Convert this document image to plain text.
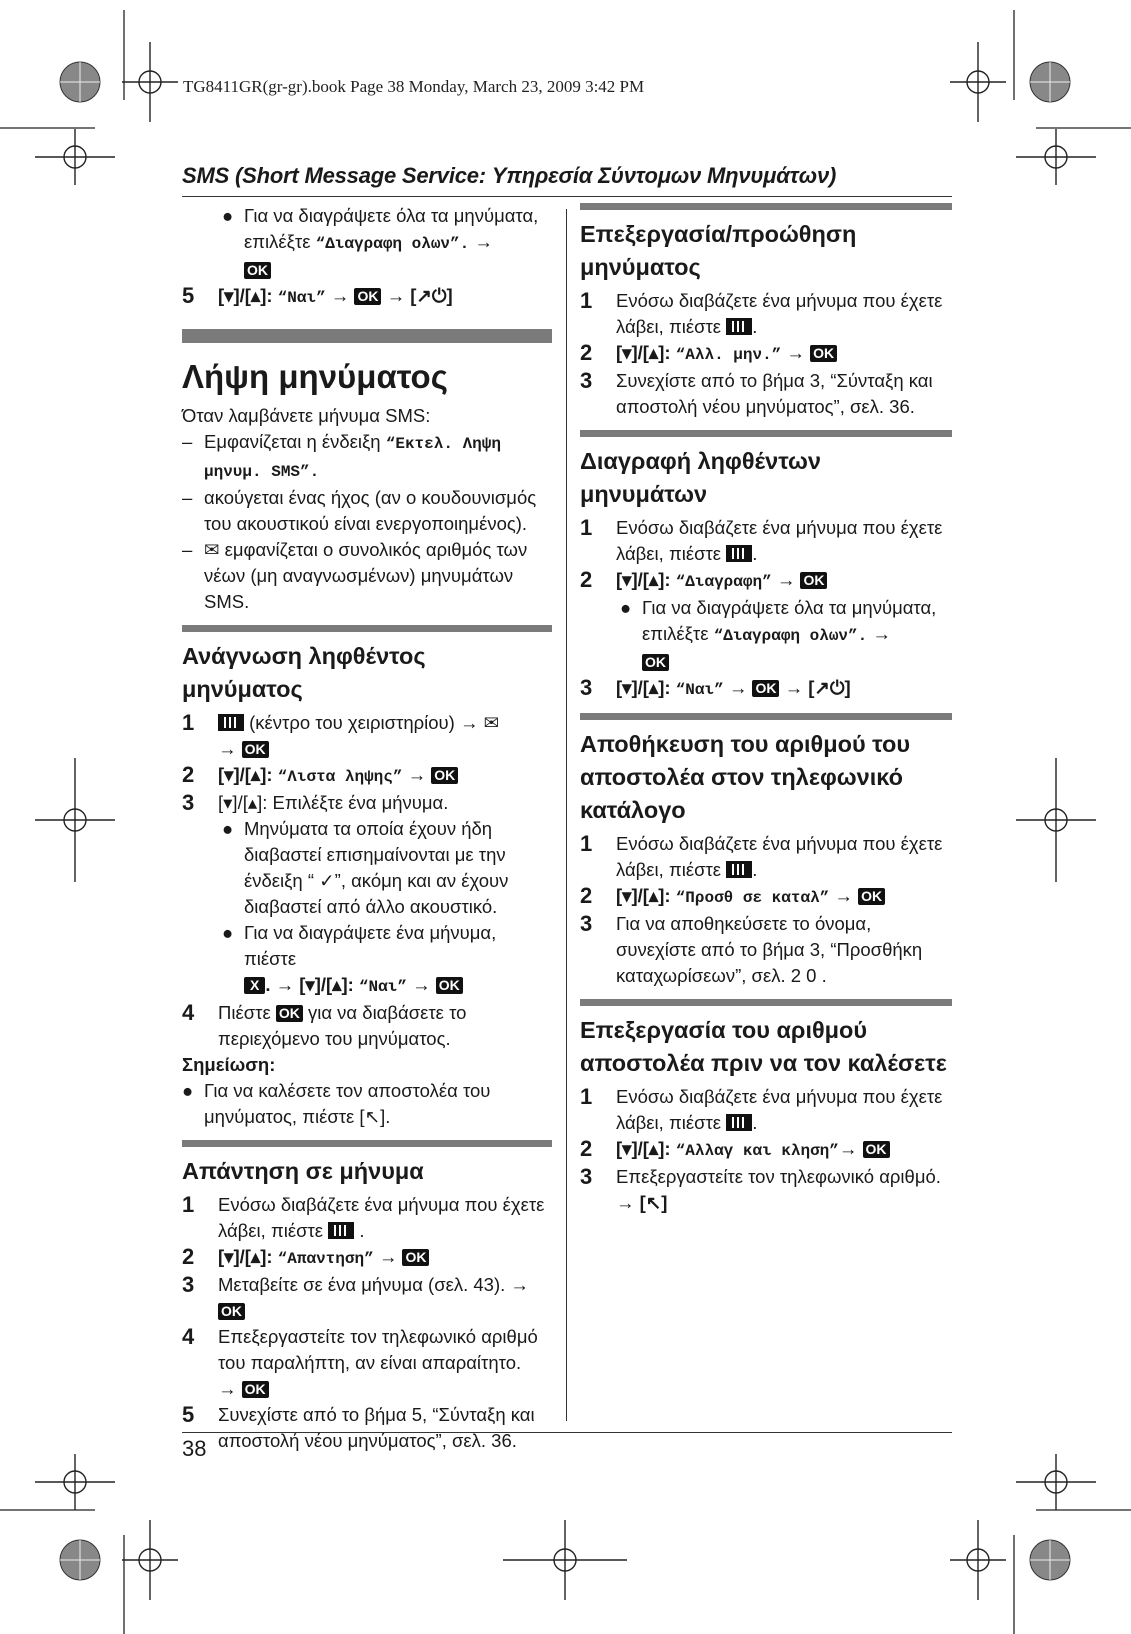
TG8411GR(gr-gr).book Page 38 Monday, March 23, 2009 3:42 PM
SMS (Short Message Service: Υπηρεσία Σύντομων Μηνυμάτων)
● Για να διαγράψετε όλα τα μηνύματα, επιλέξτε “Διαγραφη ολων”. →
OK
5	[▾]/[▴]: “Ναι” → OK → [↗⏻]
Λήψη μηνύματος
Όταν λαμβάνετε μήνυμα SMS:
– Εμφανίζεται η ένδειξη “Εκτελ. Ληψη μηνυμ. SMS”.
– ακούγεται ένας ήχος (αν ο κουδουνισμός του ακουστικού είναι ενεργοποιημένος).
– ✉ εμφανίζεται ο συνολικός αριθμός των νέων (μη αναγνωσμένων) μηνυμάτων SMS.
Ανάγνωση ληφθέντος μηνύματος
1	(κέντρο του χειριστηρίου) → ✉
→ OK
2	[▾]/[▴]: “Λιστα ληψης” → OK
3	[▾]/[▴]: Επιλέξτε ένα μήνυμα.
● Μηνύματα τα οποία έχουν ήδη διαβαστεί επισημαίνονται με την ένδειξη “ ✓”, ακόμη και αν έχουν διαβαστεί από άλλο ακουστικό.
● Για να διαγράψετε ένα μήνυμα, πιέστε
X . → [▾]/[▴]: “Ναι” → OK
4	Πιέστε OK για να διαβάσετε το περιεχόμενο του μηνύματος.
Σημείωση:
● Για να καλέσετε τον αποστολέα του μηνύματος, πιέστε [↖].
Απάντηση σε μήνυμα
1	Ενόσω διαβάζετε ένα μήνυμα που έχετε λάβει, πιέστε  .
2	[▾]/[▴]: “Απαντηση” → OK
3	Μεταβείτε σε ένα μήνυμα (σελ. 43). →
OK
4	Επεξεργαστείτε τον τηλεφωνικό αριθμό του παραλήπτη, αν είναι απαραίτητο.
→ OK
5	Συνεχίστε από το βήμα 5, “Σύνταξη και αποστολή νέου μηνύματος”, σελ. 36.
Επεξεργασία/προώθηση μηνύματος
1	Ενόσω διαβάζετε ένα μήνυμα που έχετε λάβει, πιέστε .
2	[▾]/[▴]: “Αλλ. μην.” → OK
3	Συνεχίστε από το βήμα 3, “Σύνταξη και αποστολή νέου μηνύματος”, σελ. 36.
Διαγραφή ληφθέντων μηνυμάτων
1	Ενόσω διαβάζετε ένα μήνυμα που έχετε λάβει, πιέστε .
2	[▾]/[▴]: “Διαγραφη” → OK
● Για να διαγράψετε όλα τα μηνύματα, επιλέξτε “Διαγραφη ολων”. →
OK
3	[▾]/[▴]: “Ναι” → OK → [↗⏻]
Αποθήκευση του αριθμού του αποστολέα στον τηλεφωνικό κατάλογο
1	Ενόσω διαβάζετε ένα μήνυμα που έχετε λάβει, πιέστε .
2	[▾]/[▴]: “Προσθ σε καταλ” → OK
3	Για να αποθηκεύσετε το όνομα, συνεχίστε από το βήμα 3, “Προσθήκη καταχωρίσεων”, σελ. 2 0 .
Επεξεργασία του αριθμού αποστολέα πριν να τον καλέσετε
1	Ενόσω διαβάζετε ένα μήνυμα που έχετε λάβει, πιέστε .
2	[▾]/[▴]: “Αλλαγ και κληση”→ OK
3	Επεξεργαστείτε τον τηλεφωνικό αριθμό.
→ [↖]
38
